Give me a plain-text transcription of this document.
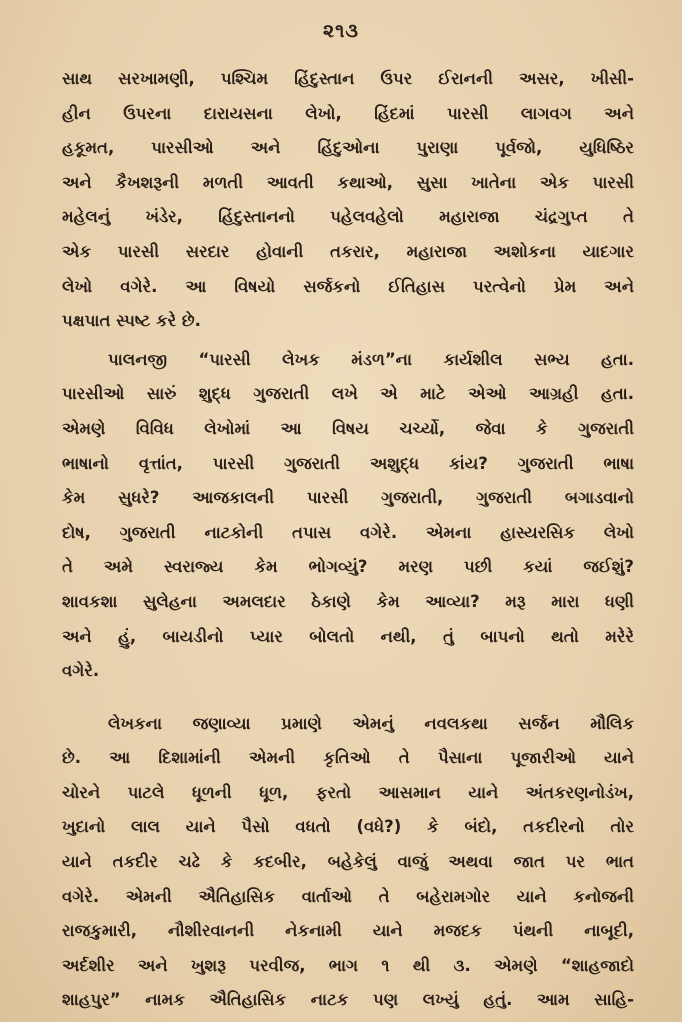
૨૧૩
સાથ સરખામણી, પશ્ચિમ હિંદુસ્તાન ઉપર ઈરાનની અસર, ખીસી-
હીન ઉપરના દારાયસના લેખો, હિંદમાં પારસી લાગવગ અને
હકૂમત, પારસીઓ અને હિંદુઓના પુરાણા પૂર્વજો, યુધિષ્ઠિર
અને કૈખશરૂની મળતી આવતી કથાઓ, સુસા ખાતેના એક પારસી
મહેલનું ખંડેર, હિંદુસ્તાનનો પહેલવહેલો મહારાજા ચંદ્રગુપ્ત તે
એક પારસી સરદાર હોવાની તકરાર, મહારાજા અશોકના યાદગાર
લેખો વગેરે. આ વિષયો સર્જકનો ઈતિહાસ પરત્વેનો પ્રેમ અને
પક્ષપાત સ્પષ્ટ કરે છે.
પાલનજી “પારસી લેખક મંડળ”ના કાર્યશીલ સભ્ય હતા.
પારસીઓ સારું શુદ્ધ ગુજરાતી લખે એ માટે એઓ આગ્રહી હતા.
એમણે વિવિધ લેખોમાં આ વિષય ચર્ચ્યો, જેવા કે ગુજરાતી
ભાષાનો વૃત્તાંત, પારસી ગુજરાતી અશુદ્ધ કાંય? ગુજરાતી ભાષા
કેમ સુધરે? આજકાલની પારસી ગુજરાતી, ગુજરાતી બગાડવાનો
દોષ, ગુજરાતી નાટકોની તપાસ વગેરે. એમના હાસ્યરસિક લેખો
તે અમે સ્વરાજ્ય કેમ ભોગવ્યું? મરણ પછી કયાં જઈશું?
શાવકશા સુલેહના અમલદાર ઠેકાણે કેમ આવ્યા? મરૂ મારા ધણી
અને હું, બાયડીનો પ્યાર બોલતો નથી, તું બાપનો થતો મરેરે
વગેરે.
લેખકના જણાવ્યા પ્રમાણે એમનું નવલકથા સર્જન મૌલિક
છે. આ દિશામાંની એમની કૃતિઓ તે પૈસાના પૂજારીઓ યાને
ચોરને પાટલે ધૂળની ધૂળ, ફરતો આસમાન યાને અંતકરણનોડંખ,
ખુદાનો લાલ યાને પૈસો વધતો (વધે?) કે બંદો, તકદીરનો તોર
યાને તકદીર ચઢે કે કદબીર, બહેકેલું વાજું અથવા જાત પર ભાત
વગેરે. એમની ઐતિહાસિક વાર્તાઓ તે બહેરામગોર યાને કનોજની
રાજકુમારી, નૌશીરવાનની નેકનામી યાને મજદક પંથની નાબૂદી,
અર્દશીર અને ખુશરૂ પરવીજ, ભાગ ૧ થી ૩. એમણે “શાહજાદો
શાહપુર” નામક ઐતિહાસિક નાટક પણ લખ્યું હતું. આમ સાહિ-
